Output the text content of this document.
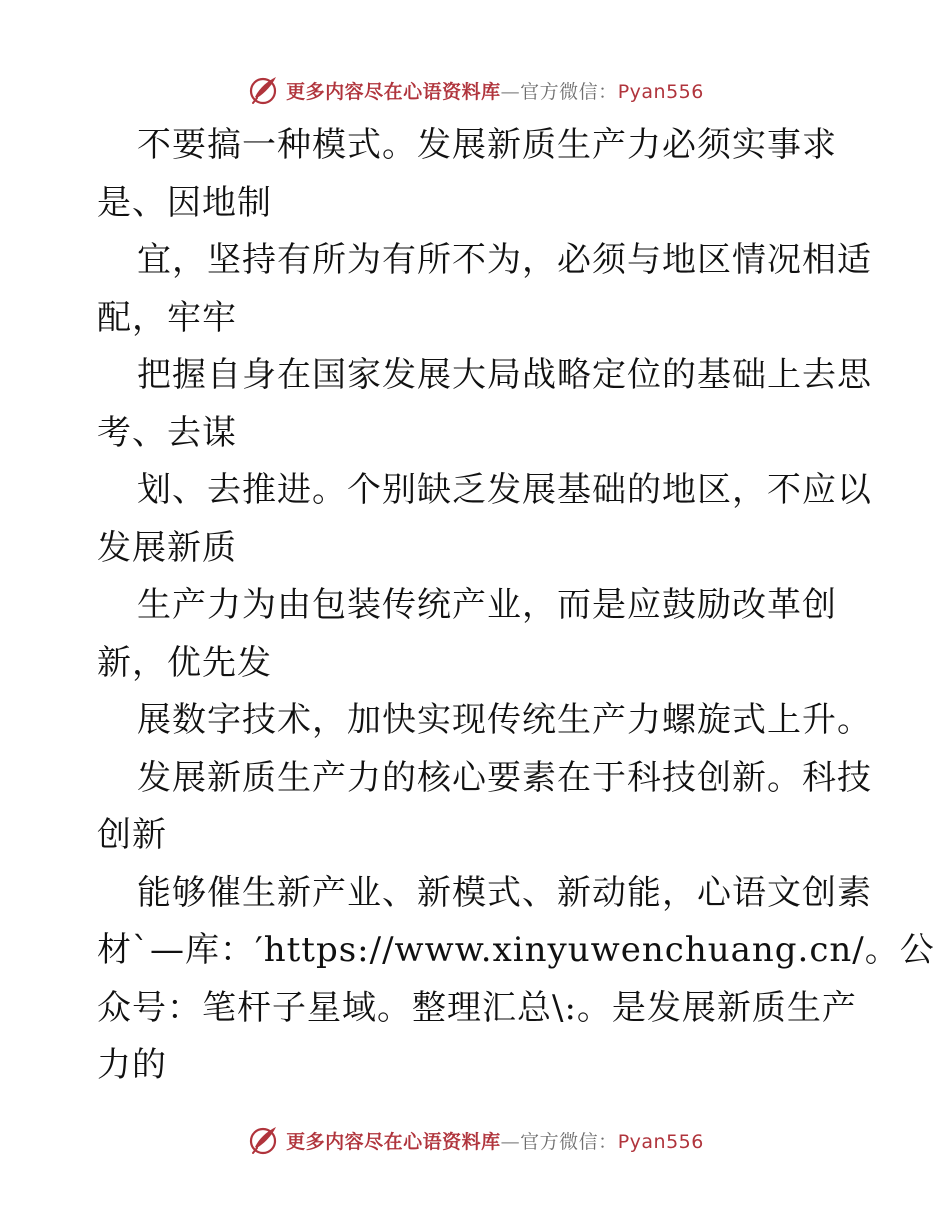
更多内容尽在心语资料库—官方微信：Pyan556
不要搞一种模式。发展新质生产力必须实事求
是、因地制
宜，坚持有所为有所不为，必须与地区情况相适
配，牢牢
把握自身在国家发展大局战略定位的基础上去思
考、去谋
划、去推进。个别缺乏发展基础的地区，不应以
发展新质
生产力为由包装传统产业，而是应鼓励改革创
新，优先发
展数字技术，加快实现传统生产力螺旋式上升。
发展新质生产力的核心要素在于科技创新。科技
创新
能够催生新产业、新模式、新动能，心语文创素
材`—库：′https://www.xinyuwenchuang.cn/。公
众号：笔杆子星域。整理汇总\:。是发展新质生产
力的
更多内容尽在心语资料库—官方微信：Pyan556
